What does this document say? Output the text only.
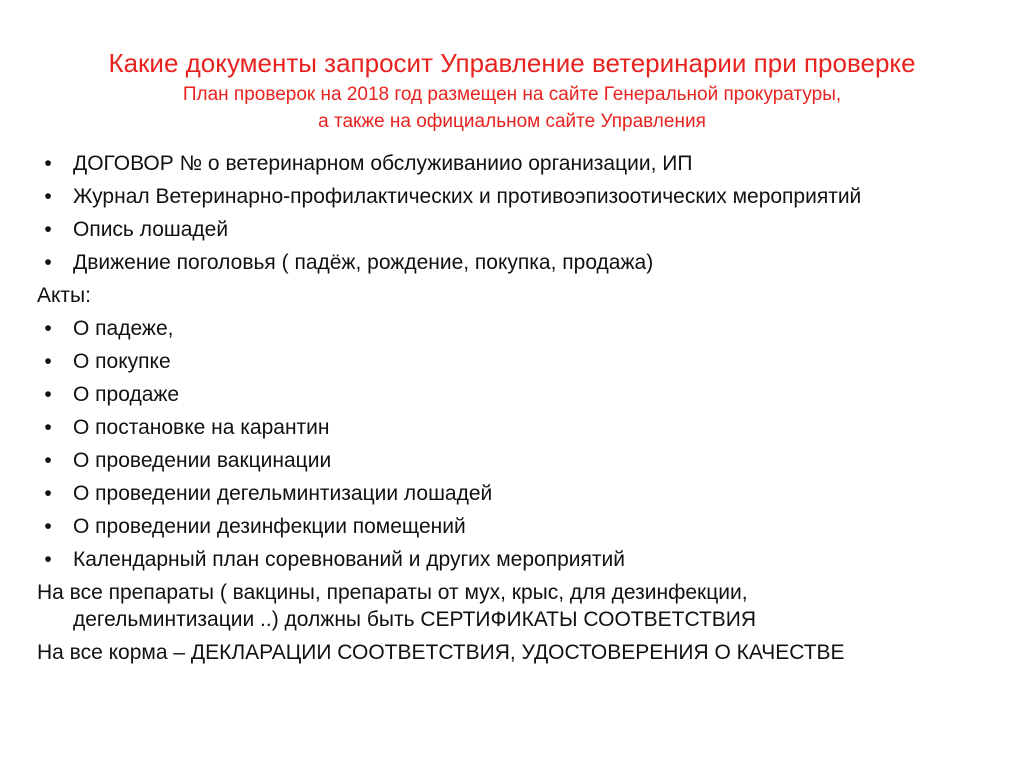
Какие документы запросит Управление ветеринарии при проверке
План проверок на 2018 год размещен на сайте Генеральной прокуратуры,
а также на официальном сайте Управления
•	ДОГОВОР № о ветеринарном обслуживаниио организации, ИП
•	Журнал Ветеринарно-профилактических и противоэпизоотических мероприятий
•	Опись лошадей
•	Движение поголовья ( падёж, рождение, покупка, продажа)
Акты:
•	О падеже,
•	О покупке
•	О продаже
•	О постановке на карантин
•	О проведении вакцинации
•	О проведении дегельминтизации лошадей
•	О проведении дезинфекции помещений
•	Календарный план соревнований и других мероприятий
На все препараты ( вакцины, препараты от мух, крыс, для дезинфекции,
дегельминтизации ..) должны быть СЕРТИФИКАТЫ СООТВЕТСТВИЯ
На все корма – ДЕКЛАРАЦИИ СООТВЕТСТВИЯ, УДОСТОВЕРЕНИЯ О КАЧЕСТВЕ
